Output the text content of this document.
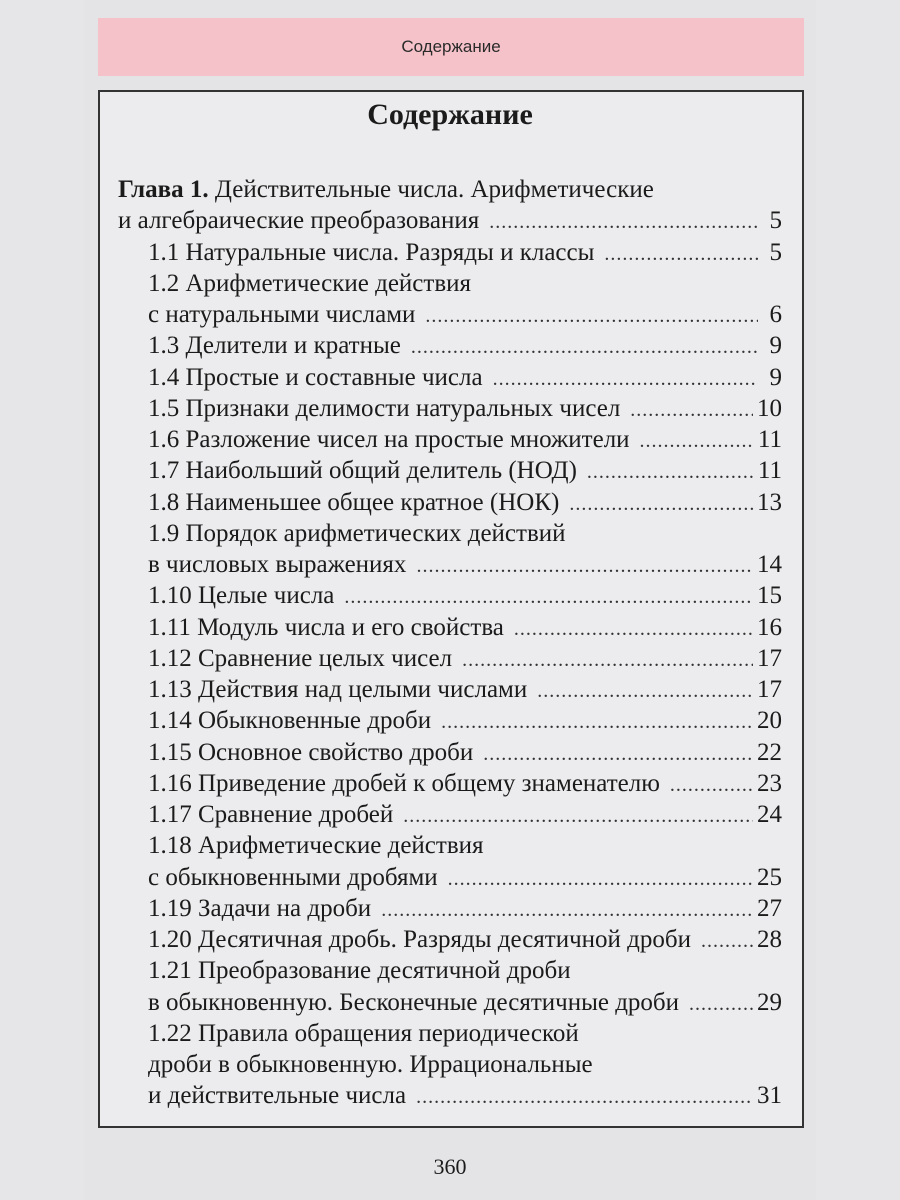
Содержание
Содержание
Глава 1. Действительные числа. Арифметические
и алгебраические преобразования . . .	5
1.1 Натуральные числа. Разряды и классы . . .	5
1.2 Арифметические действия
с натуральными числами . . .	6
1.3 Делители и кратные . . .	9
1.4 Простые и составные числа . . .	9
1.5 Признаки делимости натуральных чисел . . .	10
1.6 Разложение чисел на простые множители . . .	11
1.7 Наибольший общий делитель (НОД) . . .	11
1.8 Наименьшее общее кратное (НОК) . . .	13
1.9 Порядок арифметических действий
в числовых выражениях . . .	14
1.10 Целые числа . . .	15
1.11 Модуль числа и его свойства . . .	16
1.12 Сравнение целых чисел . . .	17
1.13 Действия над целыми числами . . .	17
1.14 Обыкновенные дроби . . .	20
1.15 Основное свойство дроби . . .	22
1.16 Приведение дробей к общему знаменателю . . .	23
1.17 Сравнение дробей . . .	24
1.18 Арифметические действия
с обыкновенными дробями . . .	25
1.19 Задачи на дроби . . .	27
1.20 Десятичная дробь. Разряды десятичной дроби . . .	28
1.21 Преобразование десятичной дроби
в обыкновенную. Бесконечные десятичные дроби . . .	29
1.22 Правила обращения периодической
дроби в обыкновенную. Иррациональные
и действительные числа . . .	31
360
